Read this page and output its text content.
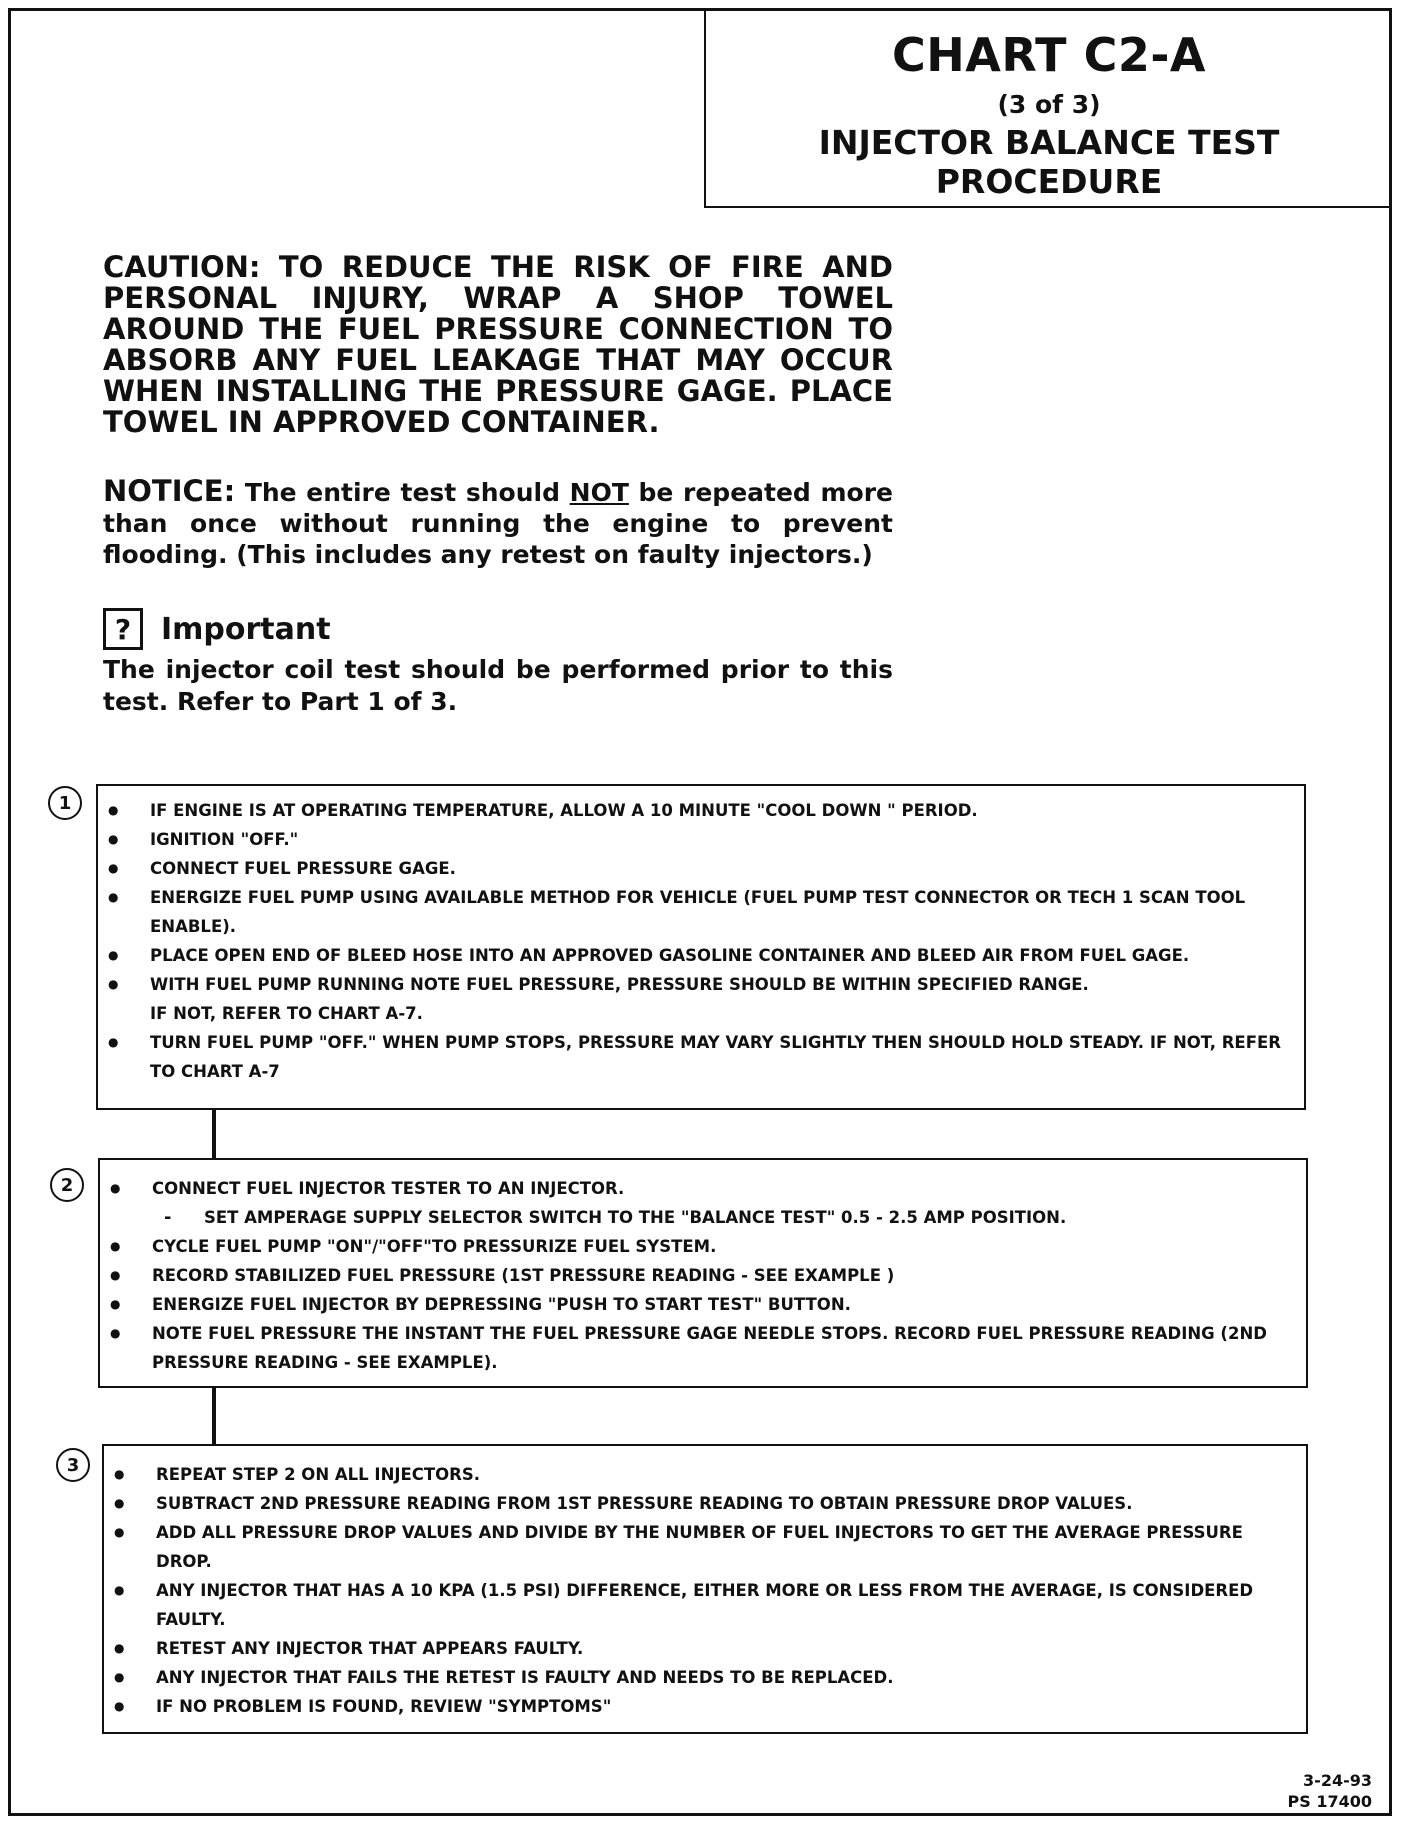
CHART C2-A
(3 of 3)
INJECTOR BALANCE TEST PROCEDURE
CAUTION: TO REDUCE THE RISK OF FIRE AND PERSONAL INJURY, WRAP A SHOP TOWEL AROUND THE FUEL PRESSURE CONNECTION TO ABSORB ANY FUEL LEAKAGE THAT MAY OCCUR WHEN INSTALLING THE PRESSURE GAGE. PLACE TOWEL IN APPROVED CONTAINER.
NOTICE: The entire test should NOT be repeated more than once without running the engine to prevent flooding. (This includes any retest on faulty injectors.)
? Important
The injector coil test should be performed prior to this test. Refer to Part 1 of 3.
1	● IF ENGINE IS AT OPERATING TEMPERATURE, ALLOW A 10 MINUTE "COOL DOWN " PERIOD.
● IGNITION "OFF."
● CONNECT FUEL PRESSURE GAGE.
● ENERGIZE FUEL PUMP USING AVAILABLE METHOD FOR VEHICLE (FUEL PUMP TEST CONNECTOR OR TECH 1 SCAN TOOL ENABLE).
● PLACE OPEN END OF BLEED HOSE INTO AN APPROVED GASOLINE CONTAINER AND BLEED AIR FROM FUEL GAGE.
● WITH FUEL PUMP RUNNING NOTE FUEL PRESSURE, PRESSURE SHOULD BE WITHIN SPECIFIED RANGE.
IF NOT, REFER TO CHART A-7.
● TURN FUEL PUMP "OFF." WHEN PUMP STOPS, PRESSURE MAY VARY SLIGHTLY THEN SHOULD HOLD STEADY. IF NOT, REFER TO CHART A-7
2	● CONNECT FUEL INJECTOR TESTER TO AN INJECTOR.
- SET AMPERAGE SUPPLY SELECTOR SWITCH TO THE "BALANCE TEST" 0.5 - 2.5 AMP POSITION.
● CYCLE FUEL PUMP "ON"/"OFF"TO PRESSURIZE FUEL SYSTEM.
● RECORD STABILIZED FUEL PRESSURE (1ST PRESSURE READING - SEE EXAMPLE )
● ENERGIZE FUEL INJECTOR BY DEPRESSING "PUSH TO START TEST" BUTTON.
● NOTE FUEL PRESSURE THE INSTANT THE FUEL PRESSURE GAGE NEEDLE STOPS. RECORD FUEL PRESSURE READING (2ND PRESSURE READING - SEE EXAMPLE).
3	● REPEAT STEP 2 ON ALL INJECTORS.
● SUBTRACT 2ND PRESSURE READING FROM 1ST PRESSURE READING TO OBTAIN PRESSURE DROP VALUES.
● ADD ALL PRESSURE DROP VALUES AND DIVIDE BY THE NUMBER OF FUEL INJECTORS TO GET THE AVERAGE PRESSURE DROP.
● ANY INJECTOR THAT HAS A 10 KPA (1.5 PSI) DIFFERENCE, EITHER MORE OR LESS FROM THE AVERAGE, IS CONSIDERED FAULTY.
● RETEST ANY INJECTOR THAT APPEARS FAULTY.
● ANY INJECTOR THAT FAILS THE RETEST IS FAULTY AND NEEDS TO BE REPLACED.
● IF NO PROBLEM IS FOUND, REVIEW "SYMPTOMS"
3-24-93
PS 17400
